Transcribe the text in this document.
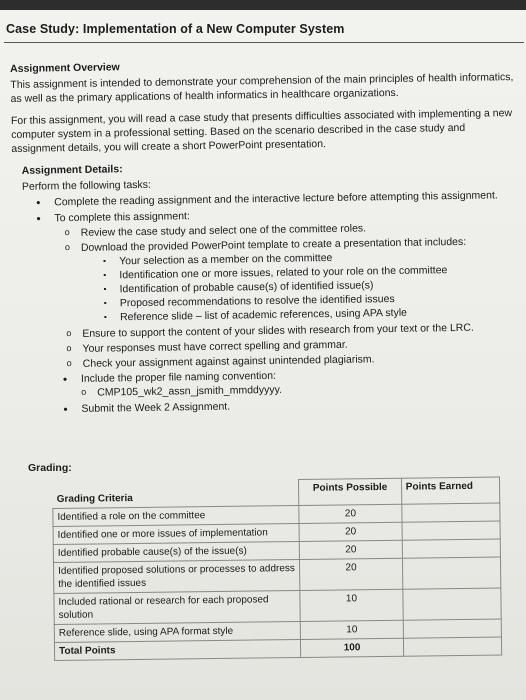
Case Study: Implementation of a New Computer System
Assignment Overview

This assignment is intended to demonstrate your comprehension of the main principles of health informatics, as well as the primary applications of health informatics in healthcare organizations.

For this assignment, you will read a case study that presents difficulties associated with implementing a new computer system in a professional setting. Based on the scenario described in the case study and assignment details, you will create a short PowerPoint presentation.

Assignment Details:
Perform the following tasks:
• Complete the reading assignment and the interactive lecture before attempting this assignment.
• To complete this assignment:
o Review the case study and select one of the committee roles.
o Download the provided PowerPoint template to create a presentation that includes:
▪ Your selection as a member on the committee
▪ Identification one or more issues, related to your role on the committee
▪ Identification of probable cause(s) of identified issue(s)
▪ Proposed recommendations to resolve the identified issues
▪ Reference slide – list of academic references, using APA style
o Ensure to support the content of your slides with research from your text or the LRC.
o Your responses must have correct spelling and grammar.
o Check your assignment against against unintended plagiarism.
• Include the proper file naming convention:
o CMP105_wk2_assn_jsmith_mmddyyyy.
• Submit the Week 2 Assignment.
Grading:
Grading Criteria	Points Possible	Points Earned
Identified a role on the committee	20	
Identified one or more issues of implementation	20	
Identified probable cause(s) of the issue(s)	20	
Identified proposed solutions or processes to address the identified issues	20	
Included rational or research for each proposed solution	10	
Reference slide, using APA format style	10	
Total Points	100	
